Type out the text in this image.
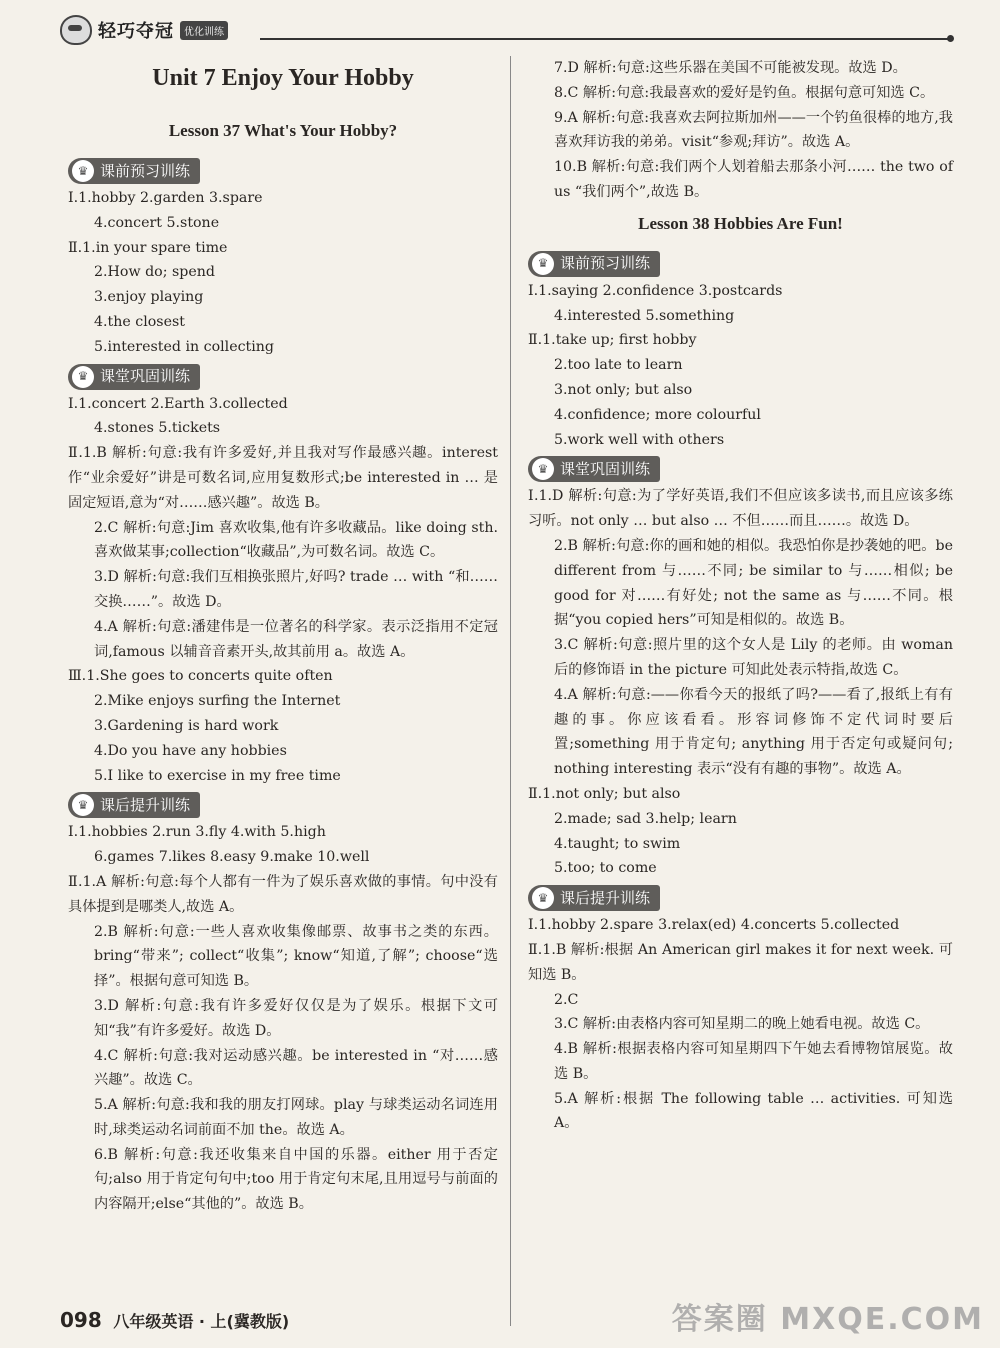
轻巧夺冠	优化训练
Unit 7 Enjoy Your Hobby
Lesson 37 What's Your Hobby?
♛ 课前预习训练
Ⅰ.1.hobby 2.garden 3.spare
4.concert 5.stone
Ⅱ.1.in your spare time
2.How do; spend
3.enjoy playing
4.the closest
5.interested in collecting
♛ 课堂巩固训练
Ⅰ.1.concert 2.Earth 3.collected
4.stones 5.tickets
Ⅱ.1.B 解析:句意:我有许多爱好,并且我对写作最感兴趣。interest 作“业余爱好”讲是可数名词,应用复数形式;be interested in … 是固定短语,意为“对……感兴趣”。故选 B。
2.C 解析:句意:Jim 喜欢收集,他有许多收藏品。like doing sth. 喜欢做某事;collection“收藏品”,为可数名词。故选 C。
3.D 解析:句意:我们互相换张照片,好吗? trade … with “和……交换……”。故选 D。
4.A 解析:句意:潘建伟是一位著名的科学家。表示泛指用不定冠词,famous 以辅音音素开头,故其前用 a。故选 A。
Ⅲ.1.She goes to concerts quite often
2.Mike enjoys surfing the Internet
3.Gardening is hard work
4.Do you have any hobbies
5.I like to exercise in my free time
♛ 课后提升训练
Ⅰ.1.hobbies 2.run 3.fly 4.with 5.high
6.games 7.likes 8.easy 9.make 10.well
Ⅱ.1.A 解析:句意:每个人都有一件为了娱乐喜欢做的事情。句中没有具体提到是哪类人,故选 A。
2.B 解析:句意:一些人喜欢收集像邮票、故事书之类的东西。bring“带来”; collect“收集”; know“知道,了解”; choose“选择”。根据句意可知选 B。
3.D 解析:句意:我有许多爱好仅仅是为了娱乐。根据下文可知“我”有许多爱好。故选 D。
4.C 解析:句意:我对运动感兴趣。be interested in “对……感兴趣”。故选 C。
5.A 解析:句意:我和我的朋友打网球。play 与球类运动名词连用时,球类运动名词前面不加 the。故选 A。
6.B 解析:句意:我还收集来自中国的乐器。either 用于否定句;also 用于肯定句句中;too 用于肯定句末尾,且用逗号与前面的内容隔开;else“其他的”。故选 B。
7.D 解析:句意:这些乐器在美国不可能被发现。故选 D。
8.C 解析:句意:我最喜欢的爱好是钓鱼。根据句意可知选 C。
9.A 解析:句意:我喜欢去阿拉斯加州——一个钓鱼很棒的地方,我喜欢拜访我的弟弟。visit“参观;拜访”。故选 A。
10.B 解析:句意:我们两个人划着船去那条小河…… the two of us “我们两个”,故选 B。
Lesson 38 Hobbies Are Fun!
♛ 课前预习训练
Ⅰ.1.saying 2.confidence 3.postcards
4.interested 5.something
Ⅱ.1.take up; first hobby
2.too late to learn
3.not only; but also
4.confidence; more colourful
5.work well with others
♛ 课堂巩固训练
Ⅰ.1.D 解析:句意:为了学好英语,我们不但应该多读书,而且应该多练习听。not only … but also … 不但……而且……。故选 D。
2.B 解析:句意:你的画和她的相似。我恐怕你是抄袭她的吧。be different from 与……不同; be similar to 与……相似; be good for 对……有好处; not the same as 与……不同。根据“you copied hers”可知是相似的。故选 B。
3.C 解析:句意:照片里的这个女人是 Lily 的老师。由 woman 后的修饰语 in the picture 可知此处表示特指,故选 C。
4.A 解析:句意:——你看今天的报纸了吗?——看了,报纸上有有趣的事。你应该看看。形容词修饰不定代词时要后置;something 用于肯定句; anything 用于否定句或疑问句; nothing interesting 表示“没有有趣的事物”。故选 A。
Ⅱ.1.not only; but also
2.made; sad 3.help; learn
4.taught; to swim
5.too; to come
♛ 课后提升训练
Ⅰ.1.hobby 2.spare 3.relax(ed) 4.concerts 5.collected
Ⅱ.1.B 解析:根据 An American girl makes it for next week. 可知选 B。
2.C
3.C 解析:由表格内容可知星期二的晚上她看电视。故选 C。
4.B 解析:根据表格内容可知星期四下午她去看博物馆展览。故选 B。
5.A 解析:根据 The following table … activities. 可知选 A。
098 八年级英语 · 上(冀教版)	答案圈 MXQE.COM
